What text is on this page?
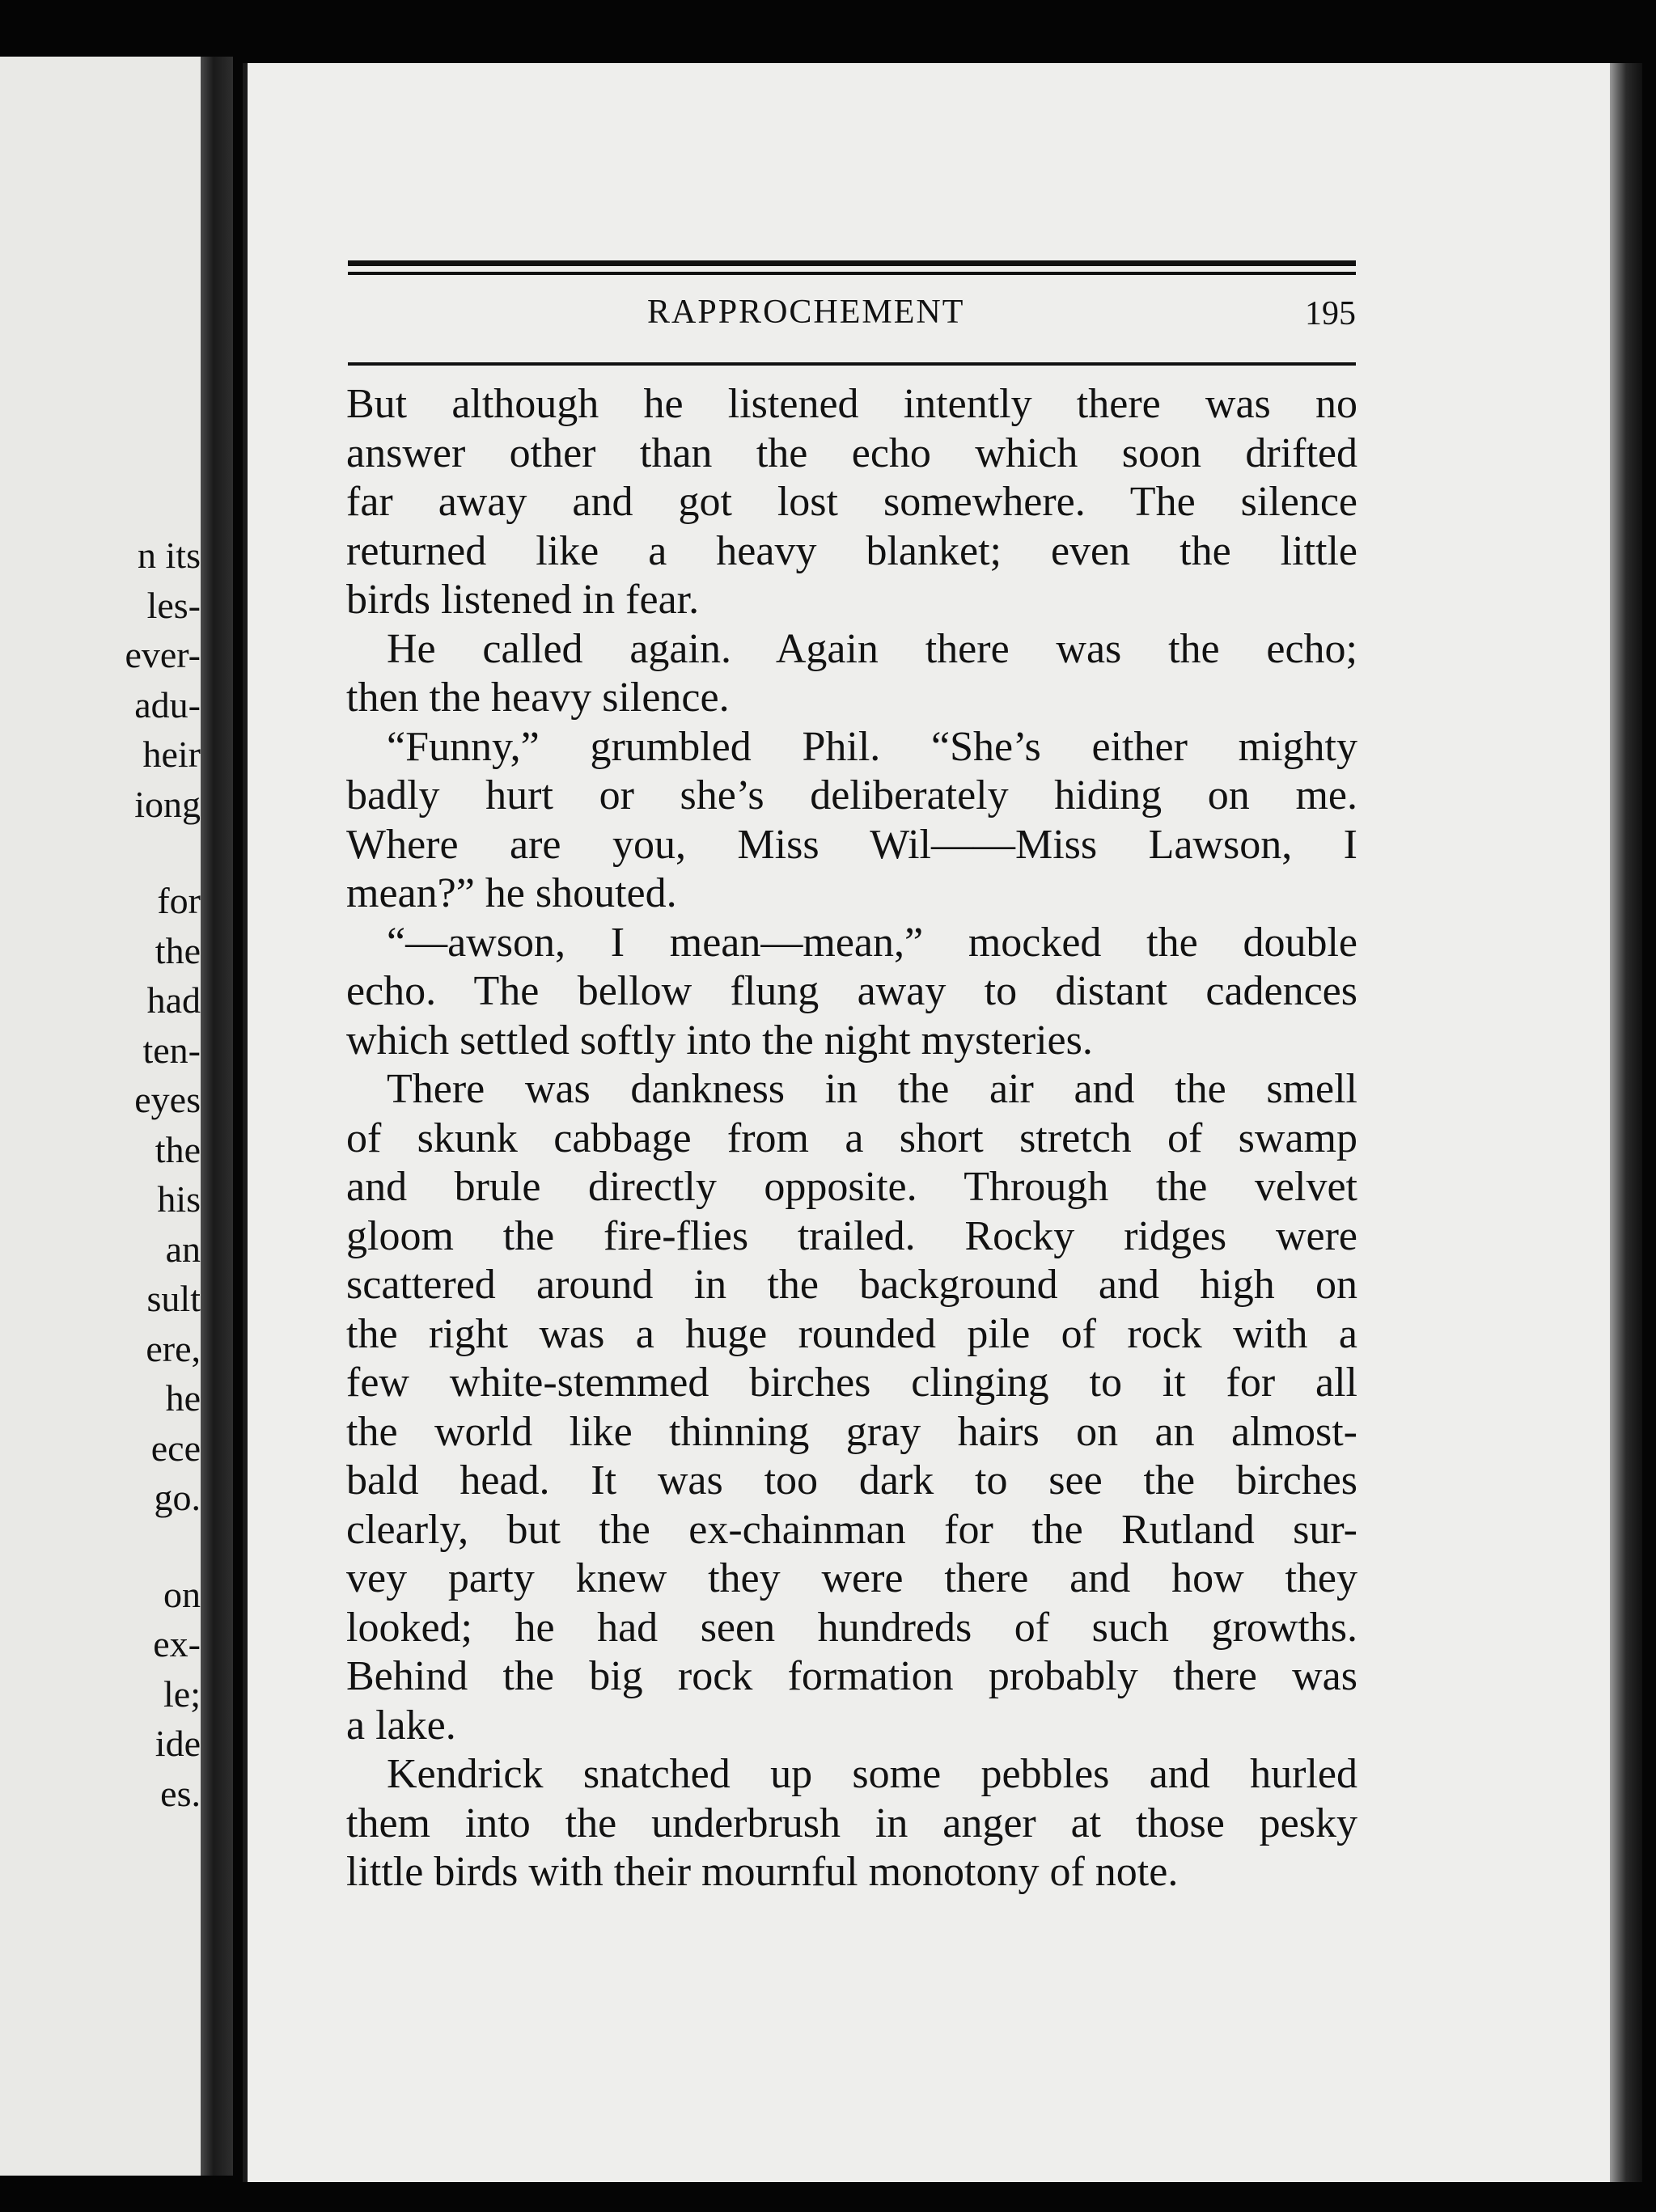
n its
les-
ever-
adu-
heir
iong
for
the
had
ten-
eyes
the
his
an
sult
ere,
he
ece
go.
on
ex-
le;
ide
es.
RAPPROCHEMENT	195
But although he listened intently there was no
answer other than the echo which soon drifted
far away and got lost somewhere. The silence
returned like a heavy blanket; even the little
birds listened in fear.
He called again. Again there was the echo;
then the heavy silence.
“Funny,” grumbled Phil. “She’s either mighty
badly hurt or she’s deliberately hiding on me.
Where are you, Miss Wil——Miss Lawson, I
mean?” he shouted.
“—awson, I mean—mean,” mocked the double
echo. The bellow flung away to distant cadences
which settled softly into the night mysteries.
There was dankness in the air and the smell
of skunk cabbage from a short stretch of swamp
and brule directly opposite. Through the velvet
gloom the fire-flies trailed. Rocky ridges were
scattered around in the background and high on
the right was a huge rounded pile of rock with a
few white-stemmed birches clinging to it for all
the world like thinning gray hairs on an almost-
bald head. It was too dark to see the birches
clearly, but the ex-chainman for the Rutland sur-
vey party knew they were there and how they
looked; he had seen hundreds of such growths.
Behind the big rock formation probably there was
a lake.
Kendrick snatched up some pebbles and hurled
them into the underbrush in anger at those pesky
little birds with their mournful monotony of note.
